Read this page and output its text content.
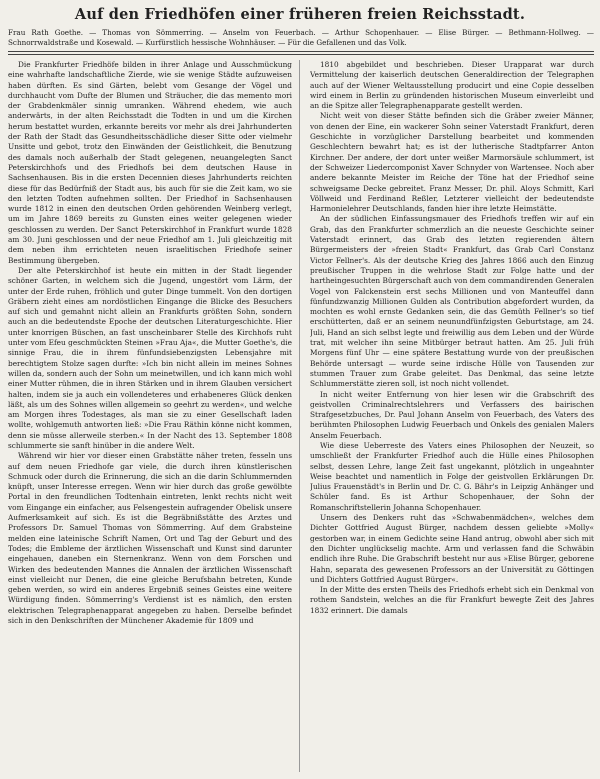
Auf den Friedhöfen einer früheren freien Reichsstadt.
Frau Rath Goethe. — Thomas von Sömmerring. — Anselm von Feuerbach. — Arthur Schopenhauer. — Elise Bürger. — Bethmann-Hollweg. — Schnorrwaldstraße und Kosewald. — Kurfürstlich hessische Wohnhäuser. — Für die Gefallenen und das Volk.

Die Frankfurter Friedhöfe bilden in ihrer Anlage und Ausschmückung eine wahrhafte landschaftliche Zierde, wie sie wenige Städte aufzuweisen haben dürften. Es sind Gärten, belebt vom Gesange der Vögel und durchhaucht vom Dufte der Blumen und Sträucher, die das memento mori der Grabdenkmäler sinnig umranken. Während ehedem, wie auch anderwärts, in der alten Reichsstadt die Todten in und um die Kirchen herum bestattet wurden, erkannte bereits vor mehr als drei Jahrhunderten der Rath der Stadt das Gesundheitsschädliche dieser Sitte oder vielmehr Unsitte und gebot, trotz den Einwänden der Geistlichkeit, die Benutzung des damals noch außerhalb der Stadt gelegenen, neuangelegten Sanct Peterskirchhofs und des Friedhofs bei dem deutschen Hause in Sachsenhausen. Bis in die ersten Decennien dieses Jahrhunderts reichten diese für das Bedürfniß der Stadt aus, bis auch für sie die Zeit kam, wo sie den letzten Todten aufnehmen sollten. Der Friedhof in Sachsenhausen wurde 1812 in einen den deutschen Orden gehörenden Weinberg verlegt, um im Jahre 1869 bereits zu Gunsten eines weiter gelegenen wieder geschlossen zu werden. Der Sanct Peterskirchhof in Frankfurt wurde 1828 am 30. Juni geschlossen und der neue Friedhof am 1. Juli gleichzeitig mit dem neben ihm errichteten neuen israelitischen Friedhofe seiner Bestimmung übergeben.

Der alte Peterskirchhof ist heute ein mitten in der Stadt liegender schöner Garten, in welchem sich die Jugend, ungestört vom Lärm, der unter der Erde ruhen, fröhlich und guter Dinge tummelt. Von den dortigen Gräbern zieht eines am nordöstlichen Eingange die Blicke des Besuchers auf sich und gemahnt nicht allein an Frankfurts größten Sohn, sondern auch an die bedeutendste Epoche der deutschen Literaturgeschichte. Hier unter knorrigen Büschen, an fast unscheinbarer Stelle des Kirchhofs ruht unter vom Efeu geschmückten Steinen »Frau Aja«, die Mutter Goethe's, die sinnige Frau, die in ihrem fünfundsiebenzigsten Lebensjahre mit berechtigtem Stolze sagen durfte: »Ich bin nicht allein im meines Sohnes willen da, sondern auch der Sohn um meinetwillen, und ich kann mich wohl einer Mutter rühmen, die in ihren Stärken und in ihrem Glauben versichert halten, indem sie ja auch ein vollendeteres und erhabeneres Glück denken läßt, als um des Sohnes willen allgemein so geehrt zu werden«, und welche am Morgen ihres Todestages, als man sie zu einer Gesellschaft laden wollte, wohlgemuth antworten ließ: »Die Frau Räthin könne nicht kommen, denn sie müsse allerweile sterben.« In der Nacht des 13. September 1808 schlummerte sie sanft hinüber in die andere Welt.

Während wir hier vor dieser einen Grabstätte näher treten, fesseln uns auf dem neuen Friedhofe gar viele, die durch ihren künstlerischen Schmuck oder durch die Erinnerung, die sich an die darin Schlummernden knüpft, unser Interesse erregen. Wenn wir hier durch das große gewölbte Portal in den freundlichen Todtenhain eintreten, lenkt rechts nicht weit vom Eingange ein einfacher, aus Felsengestein aufragender Obelisk unsere Aufmerksamkeit auf sich. Es ist die Begräbnißstätte des Arztes und Professors Dr. Samuel Thomas von Sömmerring. Auf dem Grabsteine melden eine lateinische Schrift Namen, Ort und Tag der Geburt und des Todes; die Embleme der ärztlichen Wissenschaft und Kunst sind darunter eingehauen, daneben ein Sternenkranz. Wenn von dem Forschen und Wirken des bedeutenden Mannes die Annalen der ärztlichen Wissenschaft einst vielleicht nur Denen, die eine gleiche Berufsbahn betreten, Kunde geben werden, so wird ein anderes Ergebniß seines Geistes eine weitere Würdigung finden. Sömmerring's Verdienst ist es nämlich, den ersten elektrischen Telegraphenapparat angegeben zu haben. Derselbe befindet sich in den Denkschriften der Münchener Akademie für 1809 und

1810 abgebildet und beschrieben. Dieser Urapparat war durch Vermittelung der kaiserlich deutschen Generaldirection der Telegraphen auch auf der Wiener Weltausstellung producirt und eine Copie desselben wird einem in Berlin zu gründenden historischen Museum einverleibt und an die Spitze aller Telegraphenapparate gestellt werden.

Nicht weit von dieser Stätte befinden sich die Gräber zweier Männer, von denen der Eine, ein wackerer Sohn seiner Vaterstadt Frankfurt, deren Geschichte in vorzüglicher Darstellung bearbeitet und kommenden Geschlechtern bewahrt hat; es ist der lutherische Stadtpfarrer Anton Kirchner. Der andere, der dort unter weißer Marmorsäule schlummert, ist der Schweizer Liedercomponist Xaver Schnyder von Wartensee. Noch aber andere bekannte Meister im Reiche der Töne hat der Friedhof seine schweigsame Decke gebreitet. Franz Messer, Dr. phil. Aloys Schmitt, Karl Völlweid und Ferdinand Reßler, Letzterer vielleicht der bedeutendste Harmonielehrer Deutschlands, fanden hier ihre letzte Heimstätte.

An der südlichen Einfassungsmauer des Friedhofs treffen wir auf ein Grab, das den Frankfurter schmerzlich an die neueste Geschichte seiner Vaterstadt erinnert, das Grab des letzten regierenden ältern Bürgermeisters der »freien Stadt« Frankfurt, das Grab Carl Constanz Victor Fellner's. Als der deutsche Krieg des Jahres 1866 auch den Einzug preußischer Truppen in die wehrlose Stadt zur Folge hatte und der hartheingesuchten Bürgerschaft auch von dem commandirenden Generalen Vogel von Falckenstein erst sechs Millionen und von Manteuffel dann fünfundzwanzig Millionen Gulden als Contribution abgefordert wurden, da mochten es wohl ernste Gedanken sein, die das Gemüth Fellner's so tief erschütterten, daß er an seinem neunundfünfzigsten Geburtstage, am 24. Juli, Hand an sich selbst legte und freiwillig aus dem Leben und der Würde trat, mit welcher ihn seine Mitbürger betraut hatten. Am 25. Juli früh Morgens fünf Uhr — eine spätere Bestattung wurde von der preußischen Behörde untersagt — wurde seine irdische Hülle von Tausenden zur stummen Trauer zum Grabe geleitet. Das Denkmal, das seine letzte Schlummerstätte zieren soll, ist noch nicht vollendet.

In nicht weiter Entfernung von hier lesen wir die Grabschrift des geistvollen Criminalrechtslehrers und Verfassers des bairischen Strafgesetzbuches, Dr. Paul Johann Anselm von Feuerbach, des Vaters des berühmten Philosophen Ludwig Feuerbach und Onkels des genialen Malers Anselm Feuerbach.

Wie diese Ueberreste des Vaters eines Philosophen der Neuzeit, so umschließt der Frankfurter Friedhof auch die Hülle eines Philosophen selbst, dessen Lehre, lange Zeit fast ungekannt, plötzlich in ungeahnter Weise beachtet und namentlich in Folge der geistvollen Erklärungen Dr. Julius Frauenstädt's in Berlin und Dr. C. G. Bähr's in Leipzig Anhänger und Schüler fand. Es ist Arthur Schopenhauer, der Sohn der Romanschriftstellerin Johanna Schopenhauer.

Unsern des Denkers ruht das »Schwabenmädchen«, welches dem Dichter Gottfried August Bürger, nachdem dessen geliebte »Molly« gestorben war, in einem Gedichte seine Hand antrug, obwohl aber sich mit den Dichter unglückselig machte. Arm und verlassen fand die Schwäbin endlich ihre Ruhe. Die Grabschrift besteht nur aus »Elise Bürger, geborene Hahn, separata des gewesenen Professors an der Universität zu Göttingen und Dichters Gottfried August Bürger«.

In der Mitte des ersten Theils des Friedhofs erhebt sich ein Denkmal von rothem Sandstein, welches an die für Frankfurt bewegte Zeit des Jahres 1832 erinnert. Die damals
